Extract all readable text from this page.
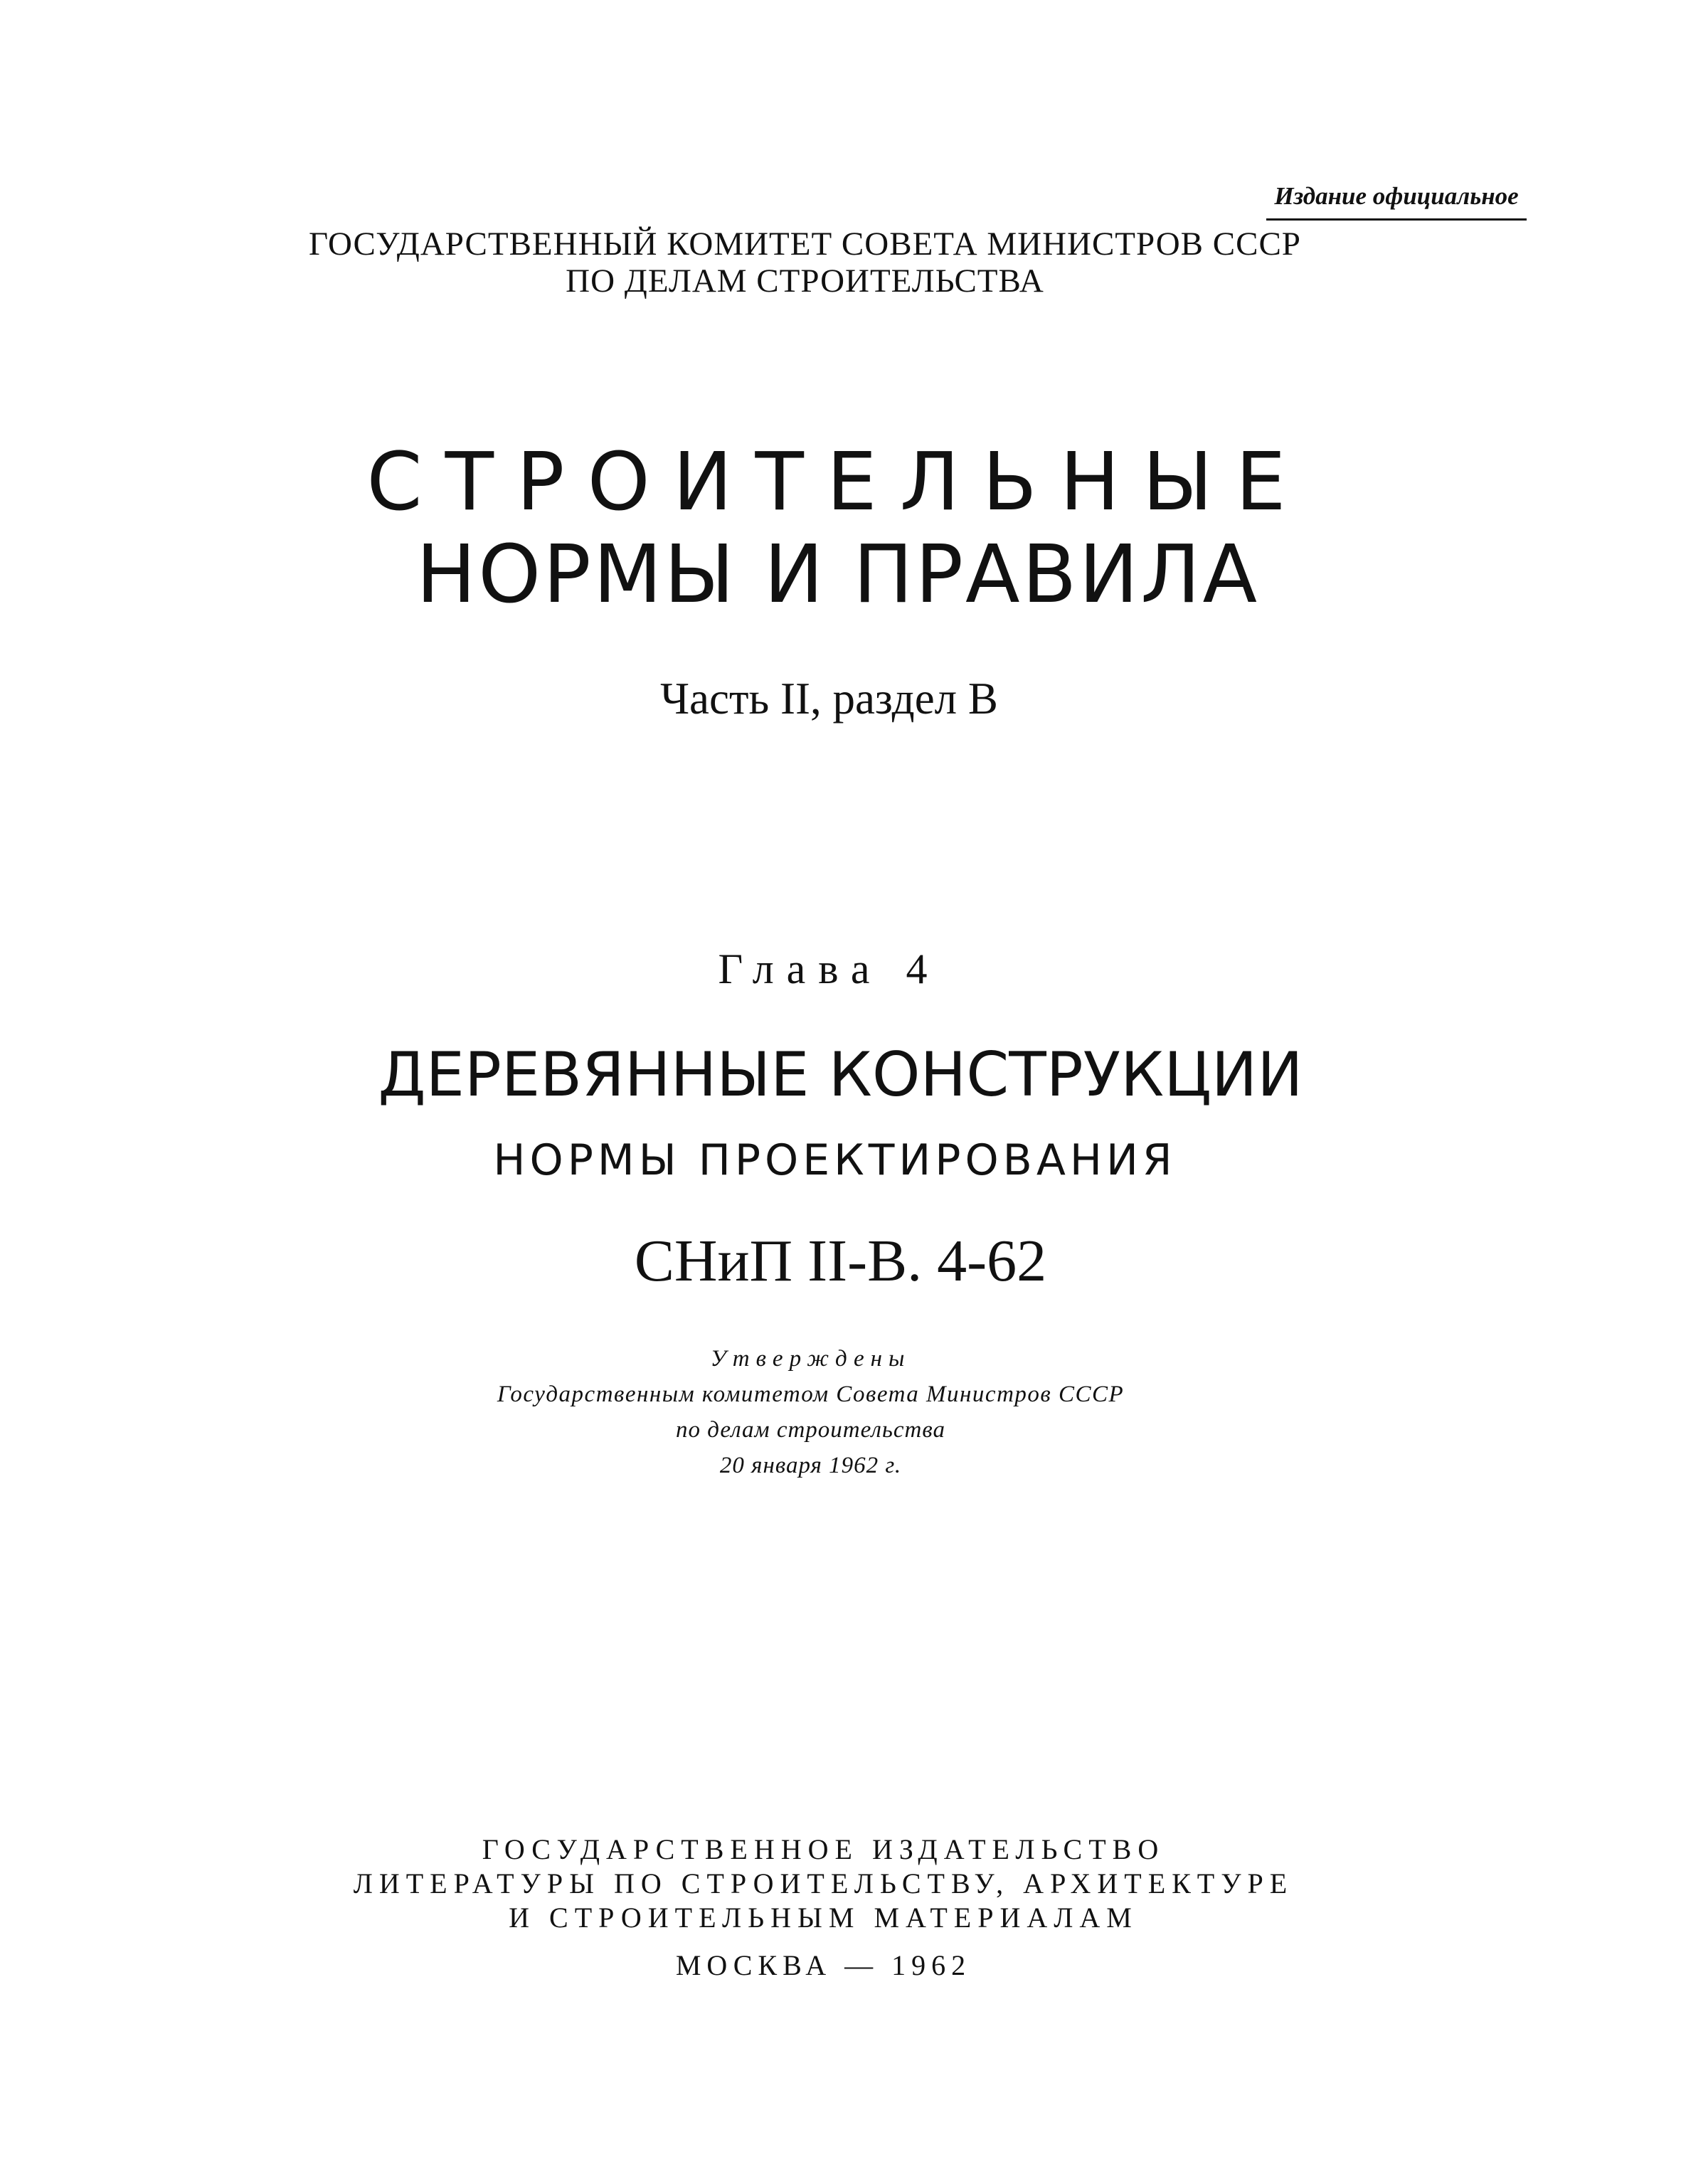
Издание официальное
ГОСУДАРСТВЕННЫЙ КОМИТЕТ СОВЕТА МИНИСТРОВ СССР
ПО ДЕЛАМ СТРОИТЕЛЬСТВА
СТРОИТЕЛЬНЫЕ
НОРМЫ И ПРАВИЛА
Часть II, раздел В
Глава 4
ДЕРЕВЯННЫЕ КОНСТРУКЦИИ
НОРМЫ ПРОЕКТИРОВАНИЯ
СНиП II-В. 4-62
Утверждены
Государственным комитетом Совета Министров СССР
по делам строительства
20 января 1962 г.
ГОСУДАРСТВЕННОЕ ИЗДАТЕЛЬСТВО
ЛИТЕРАТУРЫ ПО СТРОИТЕЛЬСТВУ, АРХИТЕКТУРЕ
И СТРОИТЕЛЬНЫМ МАТЕРИАЛАМ
МОСКВА — 1962
